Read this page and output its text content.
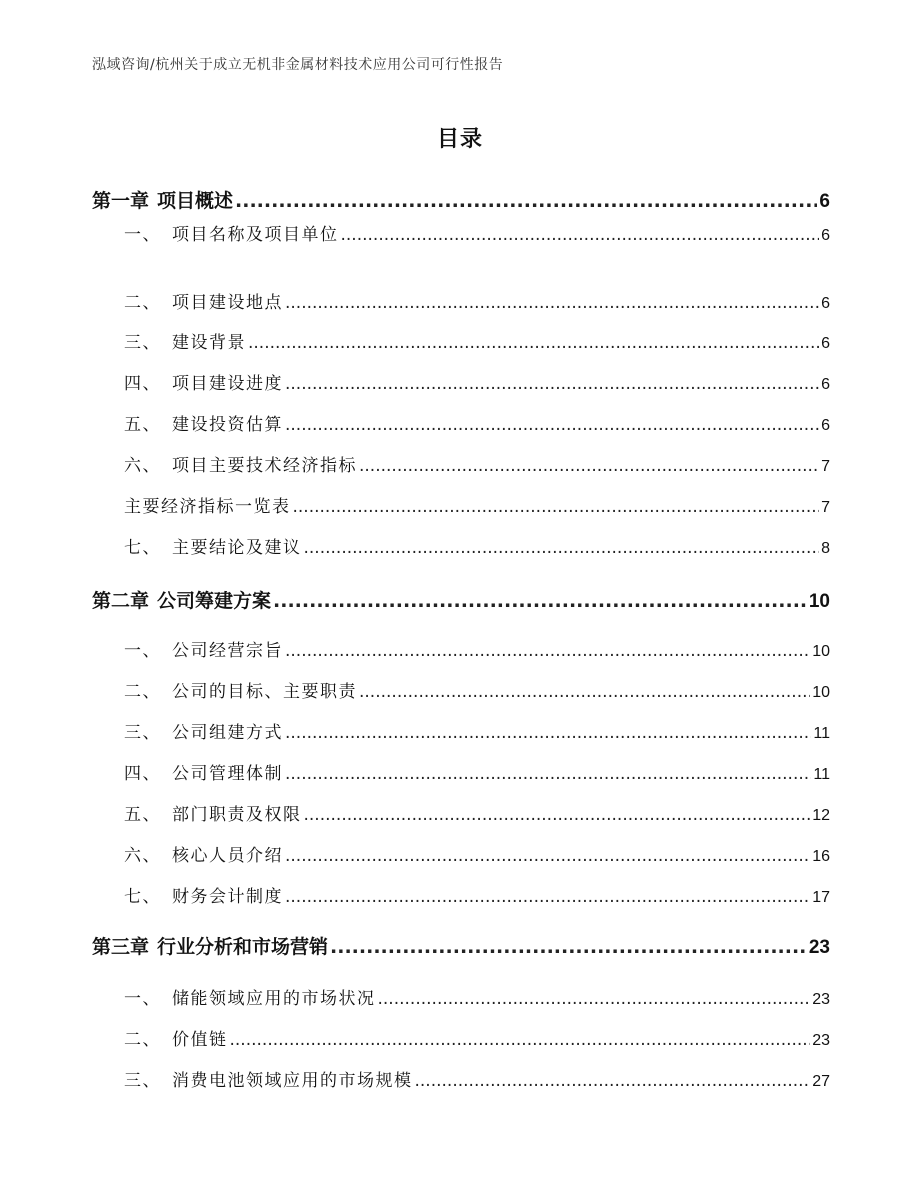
泓域咨询/杭州关于成立无机非金属材料技术应用公司可行性报告
目录
第一章 项目概述 .....	6
一、 项目名称及项目单位 .....	6
二、 项目建设地点 .....	6
三、 建设背景 .....	6
四、 项目建设进度 .....	6
五、 建设投资估算 .....	6
六、 项目主要技术经济指标 .....	7
主要经济指标一览表 .....	7
七、 主要结论及建议 .....	8
第二章 公司筹建方案 .....	10
一、 公司经营宗旨 .....	10
二、 公司的目标、主要职责 .....	10
三、 公司组建方式 .....	11
四、 公司管理体制 .....	11
五、 部门职责及权限 .....	12
六、 核心人员介绍 .....	16
七、 财务会计制度 .....	17
第三章 行业分析和市场营销 .....	23
一、 储能领域应用的市场状况 .....	23
二、 价值链 .....	23
三、 消费电池领域应用的市场规模 .....	27
